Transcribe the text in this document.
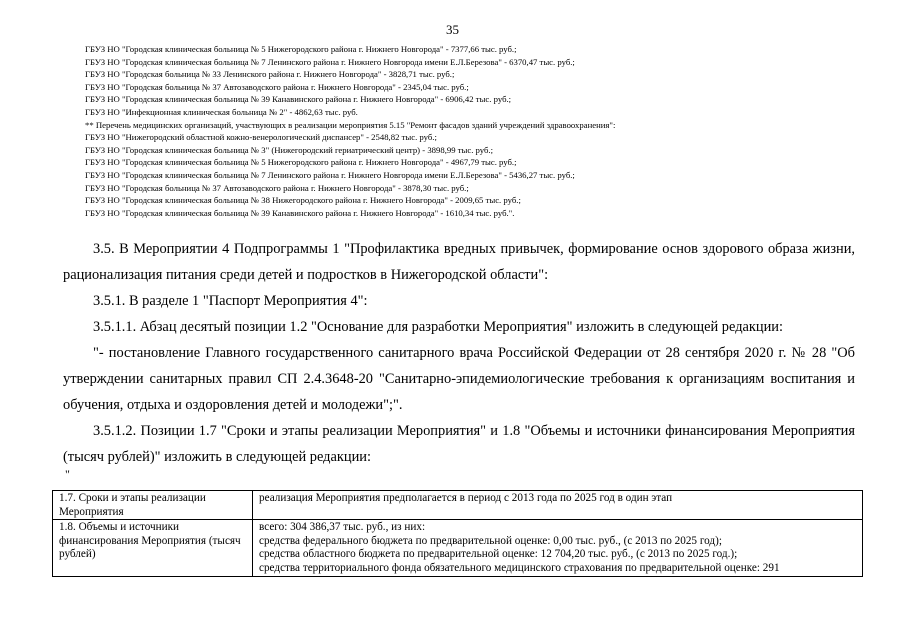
35
ГБУЗ НО "Городская клиническая больница № 5 Нижегородского района г. Нижнего Новгорода" - 7377,66 тыс. руб.;
ГБУЗ НО "Городская клиническая больница № 7 Ленинского района г. Нижнего Новгорода имени Е.Л.Березова" - 6370,47 тыс. руб.;
ГБУЗ НО "Городская больница № 33 Ленинского района г. Нижнего Новгорода" - 3828,71 тыс. руб.;
ГБУЗ НО "Городская больница № 37 Автозаводского района г. Нижнего Новгорода" - 2345,04 тыс. руб.;
ГБУЗ НО "Городская клиническая больница № 39 Канавинского района г. Нижнего Новгорода" - 6906,42 тыс. руб.;
ГБУЗ НО "Инфекционная клиническая больница № 2" - 4862,63 тыс. руб.
** Перечень медицинских организаций, участвующих в реализации мероприятия 5.15 "Ремонт фасадов зданий учреждений здравоохранения":
ГБУЗ НО "Нижегородский областной кожно-венерологический диспансер" - 2548,82 тыс. руб.;
ГБУЗ НО "Городская клиническая больница № 3" (Нижегородский гериатрический центр) - 3898,99 тыс. руб.;
ГБУЗ НО "Городская клиническая больница № 5 Нижегородского района г. Нижнего Новгорода" - 4967,79 тыс. руб.;
ГБУЗ НО "Городская клиническая больница № 7 Ленинского района г. Нижнего Новгорода имени Е.Л.Березова" - 5436,27 тыс. руб.;
ГБУЗ НО "Городская больница № 37 Автозаводского района г. Нижнего Новгорода" - 3878,30 тыс. руб.;
ГБУЗ НО "Городская клиническая больница № 38 Нижегородского района г. Нижнего Новгорода" - 2009,65 тыс. руб.;
ГБУЗ НО "Городская клиническая больница № 39 Канавинского района г. Нижнего Новгорода" - 1610,34 тыс. руб.".
3.5. В Мероприятии 4 Подпрограммы 1 "Профилактика вредных привычек, формирование основ здорового образа жизни, рационализация питания среди детей и подростков в Нижегородской области":
3.5.1. В разделе 1 "Паспорт Мероприятия 4":
3.5.1.1. Абзац десятый позиции 1.2 "Основание для разработки Мероприятия" изложить в следующей редакции:
"- постановление Главного государственного санитарного врача Российской Федерации от 28 сентября 2020 г. № 28 "Об утверждении санитарных правил СП 2.4.3648-20 "Санитарно-эпидемиологические требования к организациям воспитания и обучения, отдыха и оздоровления детей и молодежи";".
3.5.1.2. Позиции 1.7 "Сроки и этапы реализации Мероприятия" и 1.8 "Объемы и источники финансирования Мероприятия (тысяч рублей)" изложить в следующей редакции:
"
1.7. Сроки и этапы реализации Мероприятия	реализация Мероприятия предполагается в период с 2013 года по 2025 год в один этап

1.8. Объемы и источники финансирования Мероприятия (тысяч рублей)	всего: 304 386,37 тыс. руб., из них:
средства федерального бюджета по предварительной оценке: 0,00 тыс. руб., (с 2013 по 2025 год);
средства областного бюджета по предварительной оценке: 12 704,20 тыс. руб., (с 2013 по 2025 год.);
средства территориального фонда обязательного медицинского страхования по предварительной оценке: 291
